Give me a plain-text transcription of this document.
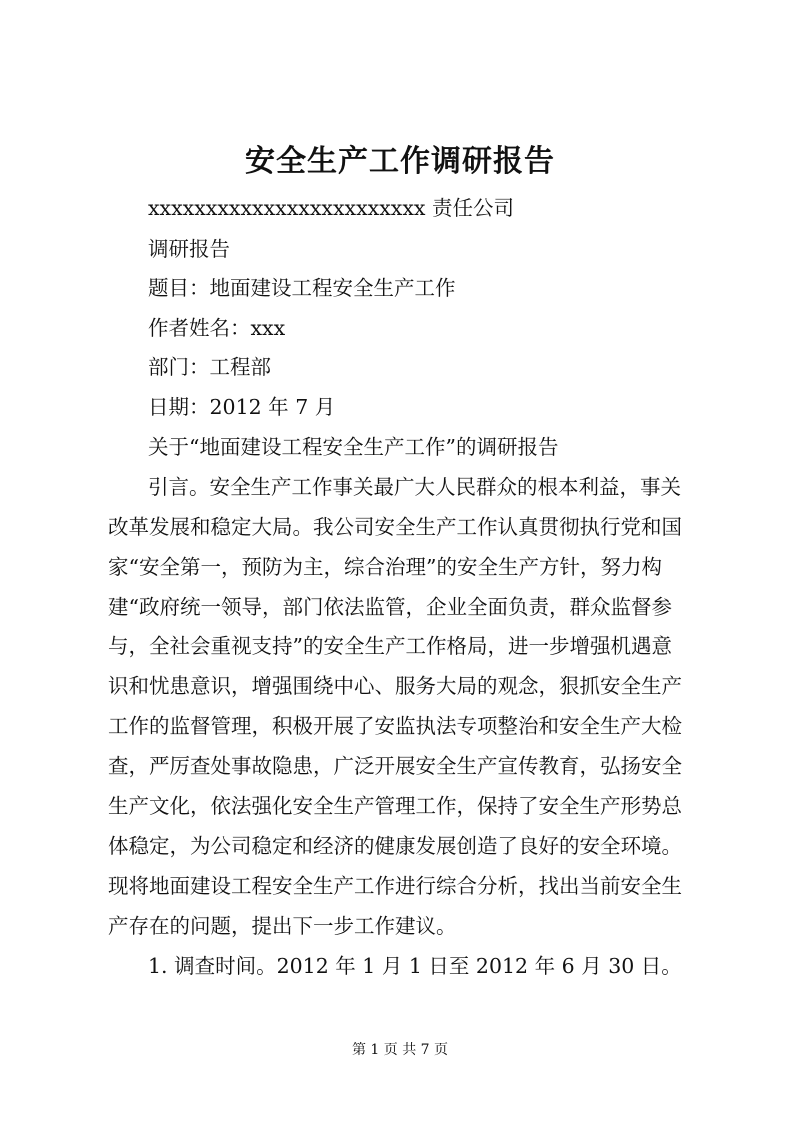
安全生产工作调研报告
xxxxxxxxxxxxxxxxxxxxxxxx 责任公司
调研报告
题目：地面建设工程安全生产工作
作者姓名：xxx
部门：工程部
日期：2012 年 7 月
关于“地面建设工程安全生产工作”的调研报告
引言。安全生产工作事关最广大人民群众的根本利益，事关
改革发展和稳定大局。我公司安全生产工作认真贯彻执行党和国
家“安全第一，预防为主，综合治理”的安全生产方针，努力构
建“政府统一领导，部门依法监管，企业全面负责，群众监督参
与，全社会重视支持”的安全生产工作格局，进一步增强机遇意
识和忧患意识，增强围绕中心、服务大局的观念，狠抓安全生产
工作的监督管理，积极开展了安监执法专项整治和安全生产大检
查，严厉查处事故隐患，广泛开展安全生产宣传教育，弘扬安全
生产文化，依法强化安全生产管理工作，保持了安全生产形势总
体稳定，为公司稳定和经济的健康发展创造了良好的安全环境。
现将地面建设工程安全生产工作进行综合分析，找出当前安全生
产存在的问题，提出下一步工作建议。
1. 调查时间。2012 年 1 月 1 日至 2012 年 6 月 30 日。
第 1 页 共 7 页
